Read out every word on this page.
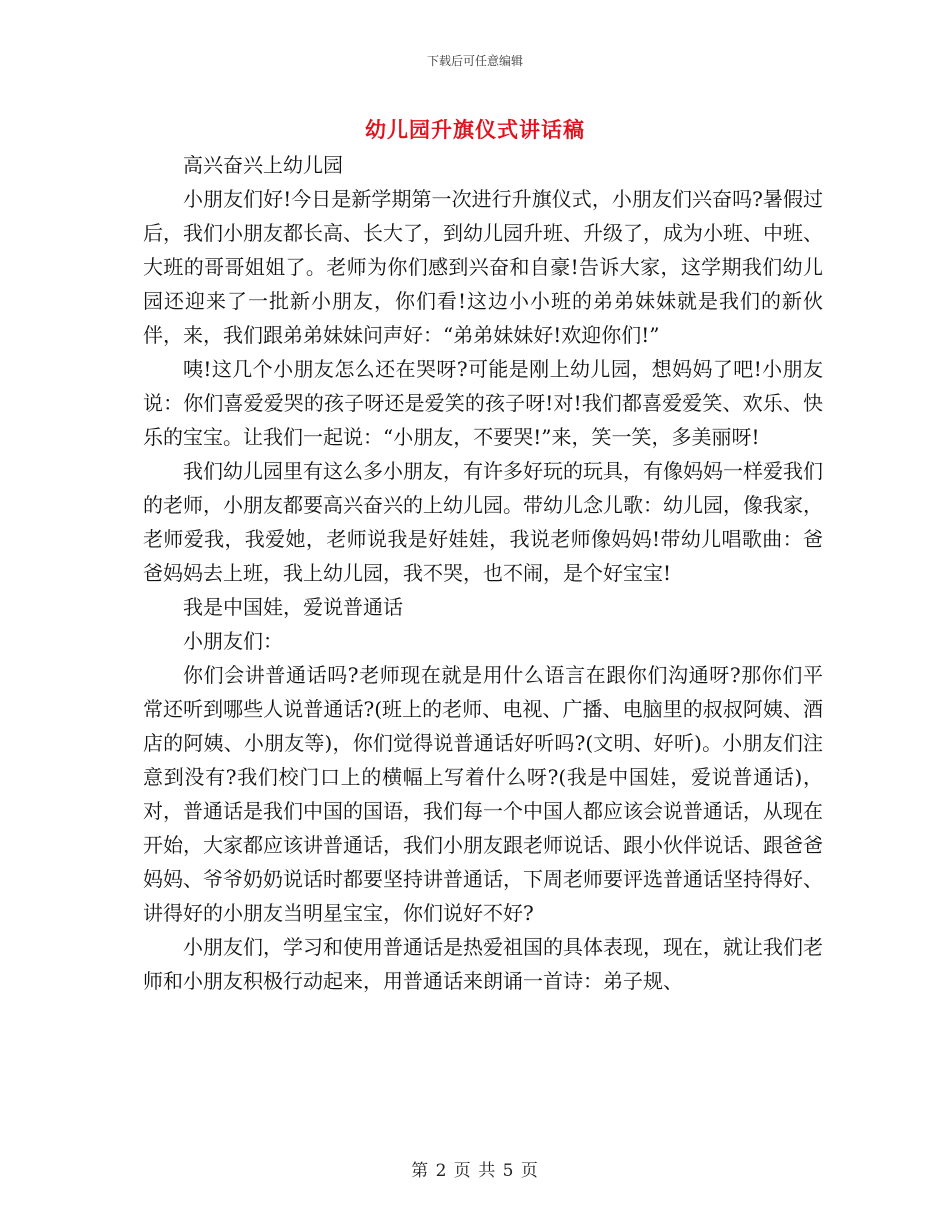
下载后可任意编辑
幼儿园升旗仪式讲话稿

高兴奋兴上幼儿园

小朋友们好!今日是新学期第一次进行升旗仪式，小朋友们兴奋吗?暑假过后，我们小朋友都长高、长大了，到幼儿园升班、升级了，成为小班、中班、大班的哥哥姐姐了。老师为你们感到兴奋和自豪!告诉大家，这学期我们幼儿园还迎来了一批新小朋友，你们看!这边小小班的弟弟妹妹就是我们的新伙伴，来，我们跟弟弟妹妹问声好：“弟弟妹妹好!欢迎你们!”

咦!这几个小朋友怎么还在哭呀?可能是刚上幼儿园，想妈妈了吧!小朋友说：你们喜爱爱哭的孩子呀还是爱笑的孩子呀!对!我们都喜爱爱笑、欢乐、快乐的宝宝。让我们一起说：“小朋友，不要哭!”来，笑一笑，多美丽呀!

我们幼儿园里有这么多小朋友，有许多好玩的玩具，有像妈妈一样爱我们的老师，小朋友都要高兴奋兴的上幼儿园。带幼儿念儿歌：幼儿园，像我家，老师爱我，我爱她，老师说我是好娃娃，我说老师像妈妈!带幼儿唱歌曲：爸爸妈妈去上班，我上幼儿园，我不哭，也不闹，是个好宝宝!

我是中国娃，爱说普通话

小朋友们：

你们会讲普通话吗?老师现在就是用什么语言在跟你们沟通呀?那你们平常还听到哪些人说普通话?(班上的老师、电视、广播、电脑里的叔叔阿姨、酒店的阿姨、小朋友等)，你们觉得说普通话好听吗?(文明、好听)。小朋友们注意到没有?我们校门口上的横幅上写着什么呀?(我是中国娃，爱说普通话)，对，普通话是我们中国的国语，我们每一个中国人都应该会说普通话，从现在开始，大家都应该讲普通话，我们小朋友跟老师说话、跟小伙伴说话、跟爸爸妈妈、爷爷奶奶说话时都要坚持讲普通话，下周老师要评选普通话坚持得好、讲得好的小朋友当明星宝宝，你们说好不好?

小朋友们，学习和使用普通话是热爱祖国的具体表现，现在，就让我们老师和小朋友积极行动起来，用普通话来朗诵一首诗：弟子规、

第 2 页 共 5 页
